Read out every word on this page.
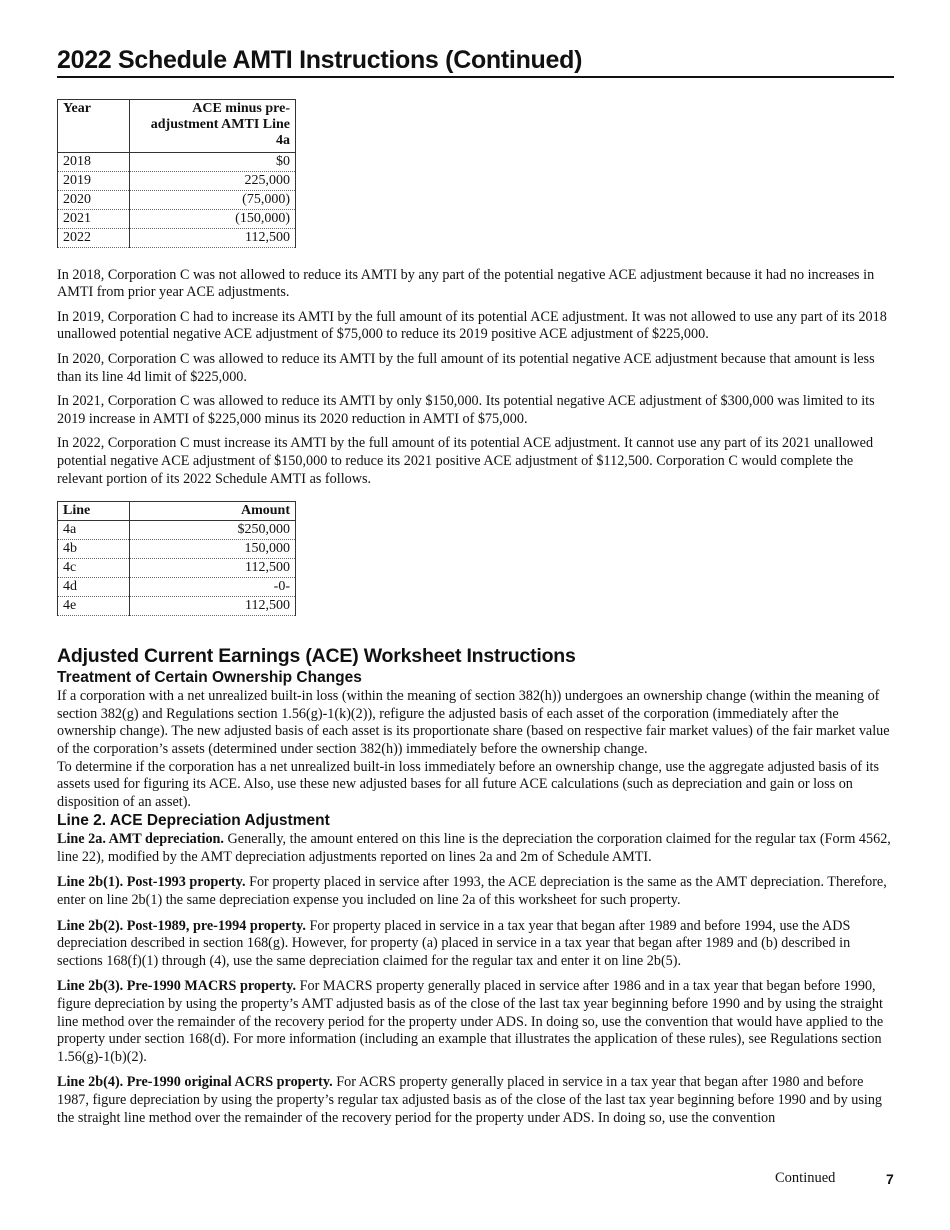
2022 Schedule AMTI Instructions (Continued)
Year	ACE minus pre-adjustment AMTI Line 4a
2018	$0
2019	225,000
2020	(75,000)
2021	(150,000)
2022	112,500

In 2018, Corporation C was not allowed to reduce its AMTI by any part of the potential negative ACE adjustment because it had no increases in AMTI from prior year ACE adjustments.

In 2019, Corporation C had to increase its AMTI by the full amount of its potential ACE adjustment. It was not allowed to use any part of its 2018 unallowed potential negative ACE adjustment of $75,000 to reduce its 2019 positive ACE adjustment of $225,000.

In 2020, Corporation C was allowed to reduce its AMTI by the full amount of its potential negative ACE adjustment because that amount is less than its line 4d limit of $225,000.

In 2021, Corporation C was allowed to reduce its AMTI by only $150,000. Its potential negative ACE adjustment of $300,000 was limited to its 2019 increase in AMTI of $225,000 minus its 2020 reduction in AMTI of $75,000.

In 2022, Corporation C must increase its AMTI by the full amount of its potential ACE adjustment. It cannot use any part of its 2021 unallowed potential negative ACE adjustment of $150,000 to reduce its 2021 positive ACE adjustment of $112,500. Corporation C would complete the relevant portion of its 2022 Schedule AMTI as follows.

Line	Amount
4a	$250,000
4b	150,000
4c	112,500
4d	-0-
4e	112,500
Adjusted Current Earnings (ACE) Worksheet Instructions
Treatment of Certain Ownership Changes

If a corporation with a net unrealized built-in loss (within the meaning of section 382(h)) undergoes an ownership change (within the meaning of section 382(g) and Regulations section 1.56(g)-1(k)(2)), refigure the adjusted basis of each asset of the corporation (immediately after the ownership change). The new adjusted basis of each asset is its proportionate share (based on respective fair market values) of the fair market value of the corporation’s assets (determined under section 382(h)) immediately before the ownership change.

To determine if the corporation has a net unrealized built-in loss immediately before an ownership change, use the aggregate adjusted basis of its assets used for figuring its ACE. Also, use these new adjusted bases for all future ACE calculations (such as depreciation and gain or loss on disposition of an asset).

Line 2. ACE Depreciation Adjustment

Line 2a. AMT depreciation. Generally, the amount entered on this line is the depreciation the corporation claimed for the regular tax (Form 4562, line 22), modified by the AMT depreciation adjustments reported on lines 2a and 2m of Schedule AMTI.

Line 2b(1). Post-1993 property. For property placed in service after 1993, the ACE depreciation is the same as the AMT depreciation. Therefore, enter on line 2b(1) the same depreciation expense you included on line 2a of this worksheet for such property.

Line 2b(2). Post-1989, pre-1994 property. For property placed in service in a tax year that began after 1989 and before 1994, use the ADS depreciation described in section 168(g). However, for property (a) placed in service in a tax year that began after 1989 and (b) described in sections 168(f)(1) through (4), use the same depreciation claimed for the regular tax and enter it on line 2b(5).

Line 2b(3). Pre-1990 MACRS property. For MACRS property generally placed in service after 1986 and in a tax year that began before 1990, figure depreciation by using the property’s AMT adjusted basis as of the close of the last tax year beginning before 1990 and by using the straight line method over the remainder of the recovery period for the property under ADS. In doing so, use the convention that would have applied to the property under section 168(d). For more information (including an example that illustrates the application of these rules), see Regulations section 1.56(g)-1(b)(2).

Line 2b(4). Pre-1990 original ACRS property. For ACRS property generally placed in service in a tax year that began after 1980 and before 1987, figure depreciation by using the property’s regular tax adjusted basis as of the close of the last tax year beginning before 1990 and by using the straight line method over the remainder of the recovery period for the property under ADS. In doing so, use the convention

Continued	7
